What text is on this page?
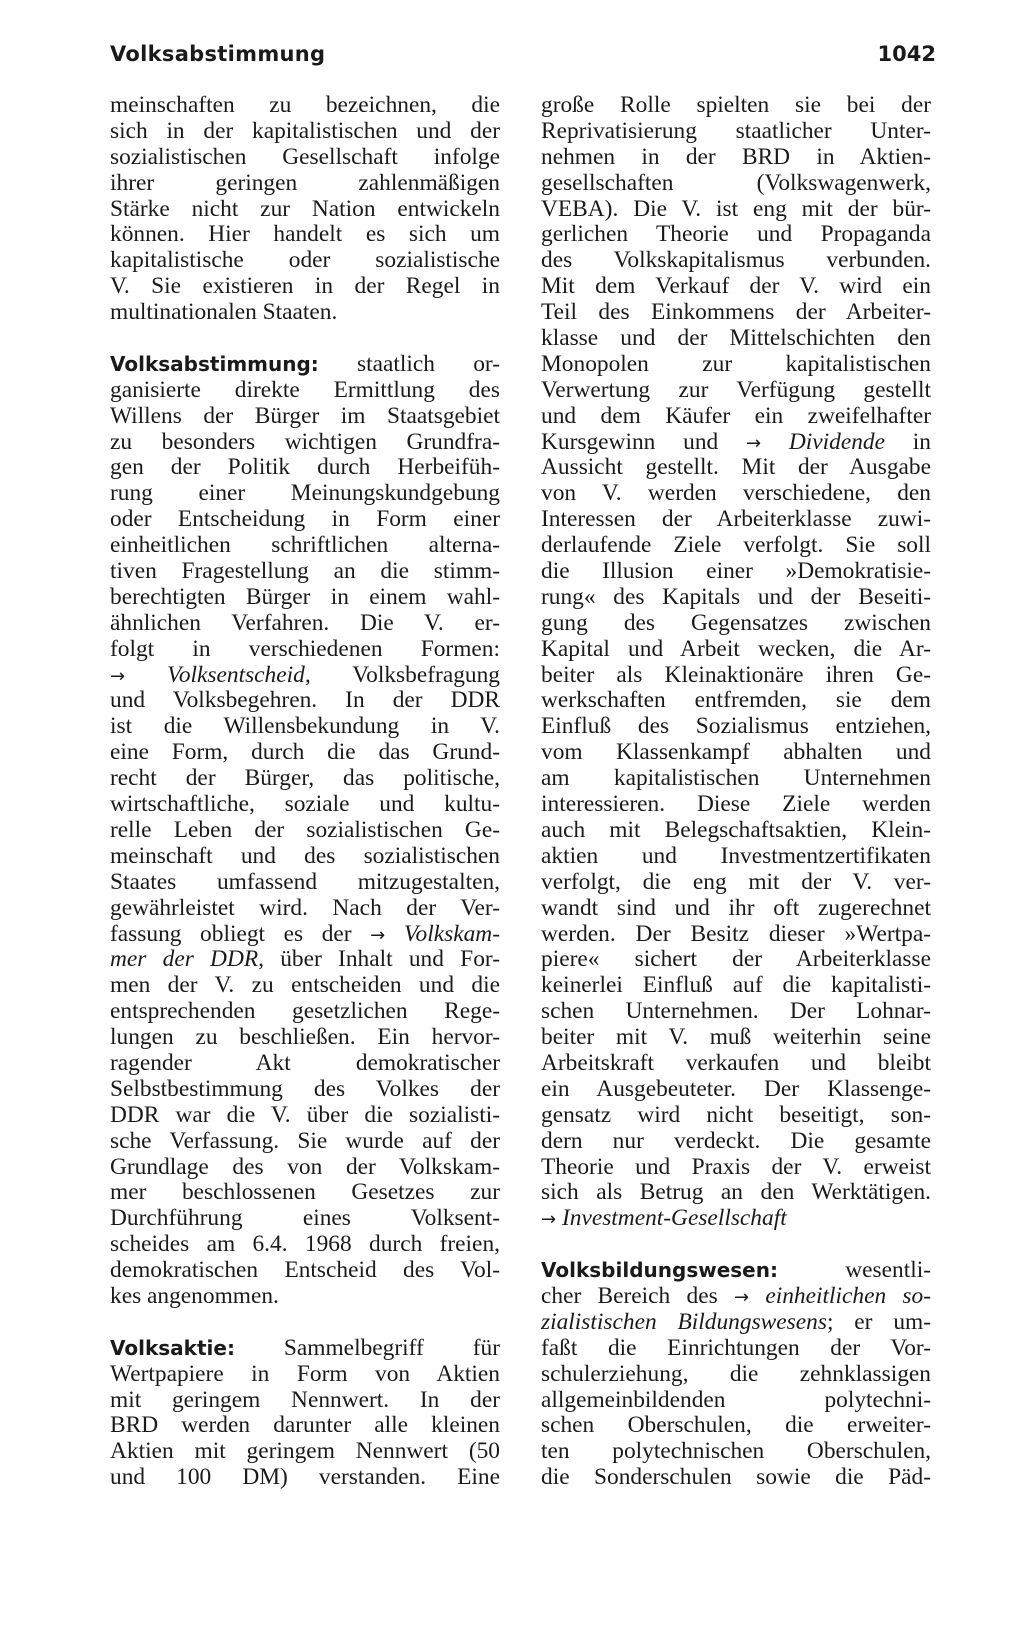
Volksabstimmung	1042
meinschaften zu bezeichnen, die
sich in der kapitalistischen und der
sozialistischen Gesellschaft infolge
ihrer geringen zahlenmäßigen
Stärke nicht zur Nation entwickeln
können. Hier handelt es sich um
kapitalistische oder sozialistische
V. Sie existieren in der Regel in
multinationalen Staaten.
Volksabstimmung: staatlich or-
ganisierte direkte Ermittlung des
Willens der Bürger im Staatsgebiet
zu besonders wichtigen Grundfra-
gen der Politik durch Herbeifüh-
rung einer Meinungskundgebung
oder Entscheidung in Form einer
einheitlichen schriftlichen alterna-
tiven Fragestellung an die stimm-
berechtigten Bürger in einem wahl-
ähnlichen Verfahren. Die V. er-
folgt in verschiedenen Formen:
→ Volksentscheid, Volksbefragung
und Volksbegehren. In der DDR
ist die Willensbekundung in V.
eine Form, durch die das Grund-
recht der Bürger, das politische,
wirtschaftliche, soziale und kultu-
relle Leben der sozialistischen Ge-
meinschaft und des sozialistischen
Staates umfassend mitzugestalten,
gewährleistet wird. Nach der Ver-
fassung obliegt es der → Volkskam-
mer der DDR, über Inhalt und For-
men der V. zu entscheiden und die
entsprechenden gesetzlichen Rege-
lungen zu beschließen. Ein hervor-
ragender Akt demokratischer
Selbstbestimmung des Volkes der
DDR war die V. über die sozialisti-
sche Verfassung. Sie wurde auf der
Grundlage des von der Volkskam-
mer beschlossenen Gesetzes zur
Durchführung eines Volksent-
scheides am 6.4. 1968 durch freien,
demokratischen Entscheid des Vol-
kes angenommen.
Volksaktie: Sammelbegriff für
Wertpapiere in Form von Aktien
mit geringem Nennwert. In der
BRD werden darunter alle kleinen
Aktien mit geringem Nennwert (50
und 100 DM) verstanden. Eine
große Rolle spielten sie bei der
Reprivatisierung staatlicher Unter-
nehmen in der BRD in Aktien-
gesellschaften (Volkswagenwerk,
VEBA). Die V. ist eng mit der bür-
gerlichen Theorie und Propaganda
des Volkskapitalismus verbunden.
Mit dem Verkauf der V. wird ein
Teil des Einkommens der Arbeiter-
klasse und der Mittelschichten den
Monopolen zur kapitalistischen
Verwertung zur Verfügung gestellt
und dem Käufer ein zweifelhafter
Kursgewinn und → Dividende in
Aussicht gestellt. Mit der Ausgabe
von V. werden verschiedene, den
Interessen der Arbeiterklasse zuwi-
derlaufende Ziele verfolgt. Sie soll
die Illusion einer »Demokratisie-
rung« des Kapitals und der Beseiti-
gung des Gegensatzes zwischen
Kapital und Arbeit wecken, die Ar-
beiter als Kleinaktionäre ihren Ge-
werkschaften entfremden, sie dem
Einfluß des Sozialismus entziehen,
vom Klassenkampf abhalten und
am kapitalistischen Unternehmen
interessieren. Diese Ziele werden
auch mit Belegschaftsaktien, Klein-
aktien und Investmentzertifikaten
verfolgt, die eng mit der V. ver-
wandt sind und ihr oft zugerechnet
werden. Der Besitz dieser »Wertpa-
piere« sichert der Arbeiterklasse
keinerlei Einfluß auf die kapitalisti-
schen Unternehmen. Der Lohnar-
beiter mit V. muß weiterhin seine
Arbeitskraft verkaufen und bleibt
ein Ausgebeuteter. Der Klassenge-
gensatz wird nicht beseitigt, son-
dern nur verdeckt. Die gesamte
Theorie und Praxis der V. erweist
sich als Betrug an den Werktätigen.
→ Investment-Gesellschaft
Volksbildungswesen:	wesentli-
cher Bereich des → einheitlichen so-
zialistischen Bildungswesens; er um-
faßt die Einrichtungen der Vor-
schulerziehung, die zehnklassigen
allgemeinbildenden polytechni-
schen Oberschulen, die erweiter-
ten polytechnischen Oberschulen,
die Sonderschulen sowie die Päd-
